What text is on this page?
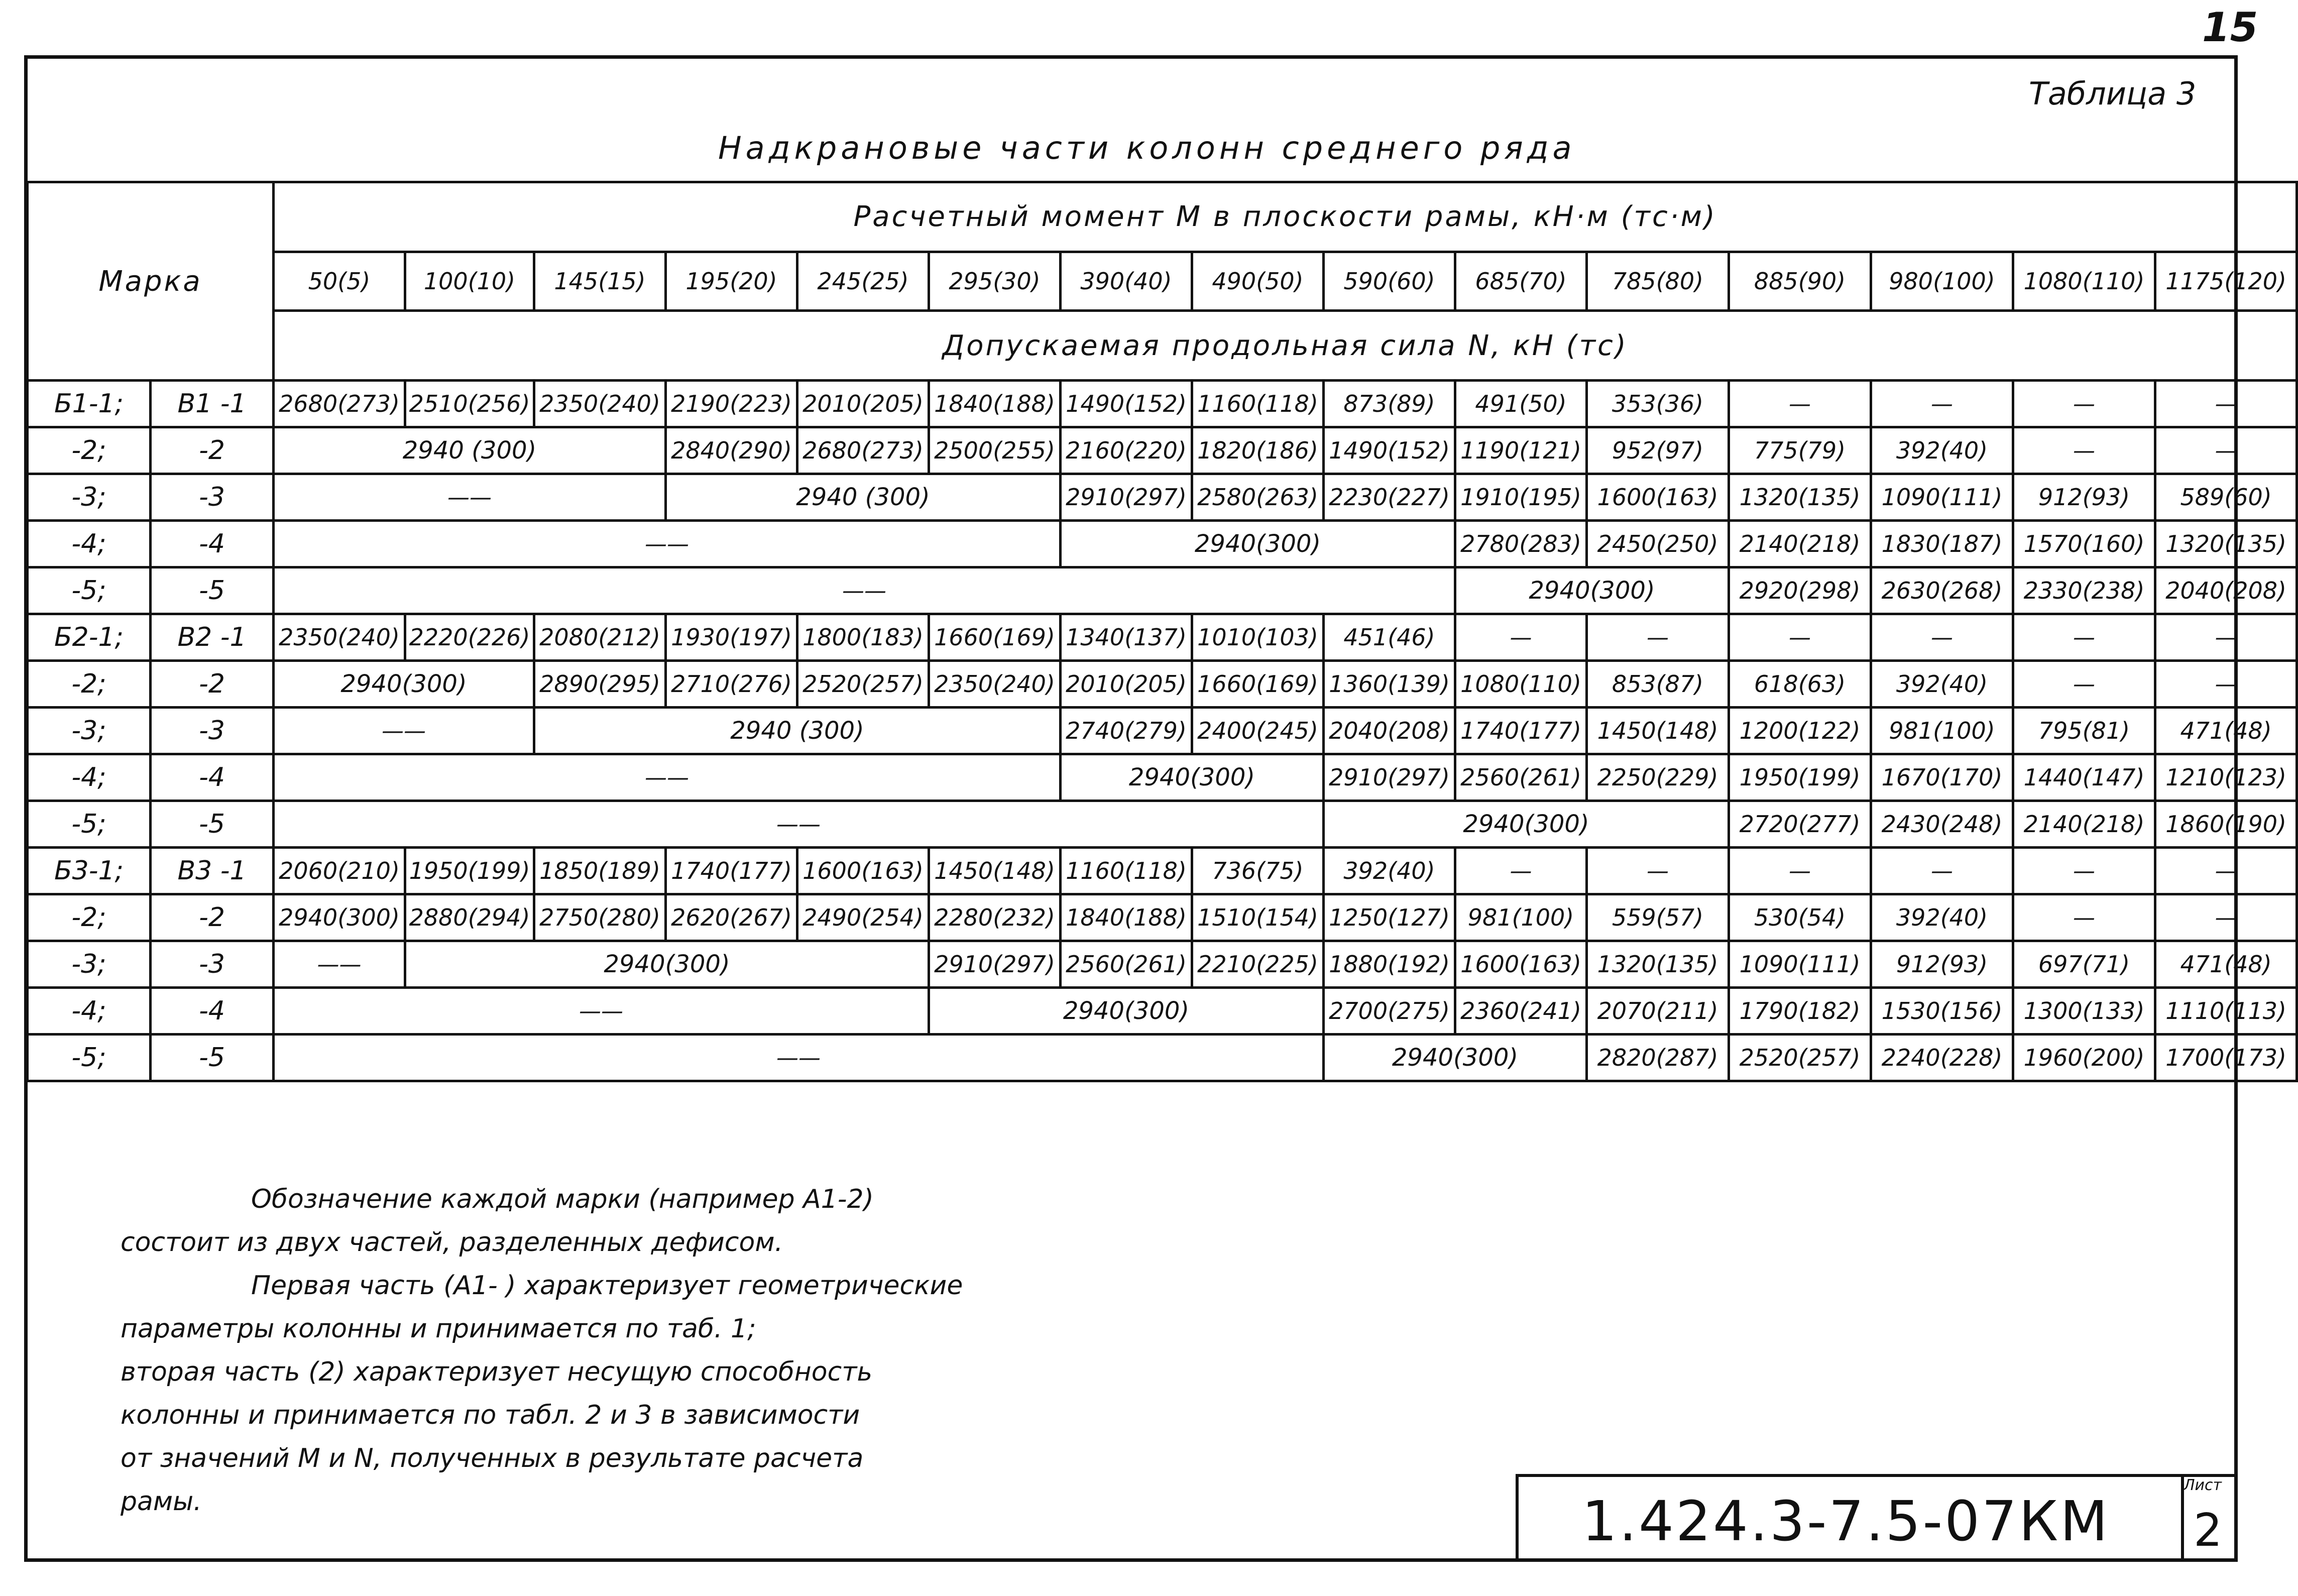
15
Таблица 3
Надкрановые части колонн среднего ряда
Марка		Расчетный момент М в плоскости рамы, кН·м (тс·м)														
		50(5)	100(10)	145(15)	195(20)	245(25)	295(30)	390(40)	490(50)	590(60)	685(70)	785(80)	885(90)	980(100)	1080(110)	1175(120)
		Допускаемая продольная сила N, кН (тс)														
Б1-1;	В1 -1	2680(273)	2510(256)	2350(240)	2190(223)	2010(205)	1840(188)	1490(152)	1160(118)	873(89)	491(50)	353(36)	—	—	—	—
-2;	-2	2940 (300)			2840(290)	2680(273)	2500(255)	2160(220)	1820(186)	1490(152)	1190(121)	952(97)	775(79)	392(40)	—	—
-3;	-3	——			2940 (300)			2910(297)	2580(263)	2230(227)	1910(195)	1600(163)	1320(135)	1090(111)	912(93)	589(60)
-4;	-4	——						2940(300)			2780(283)	2450(250)	2140(218)	1830(187)	1570(160)	1320(135)
-5;	-5	——									2940(300)		2920(298)	2630(268)	2330(238)	2040(208)
Б2-1;	В2 -1	2350(240)	2220(226)	2080(212)	1930(197)	1800(183)	1660(169)	1340(137)	1010(103)	451(46)	—	—	—	—	—	—
-2;	-2	2940(300)		2890(295)	2710(276)	2520(257)	2350(240)	2010(205)	1660(169)	1360(139)	1080(110)	853(87)	618(63)	392(40)	—	—
-3;	-3	——		2940 (300)				2740(279)	2400(245)	2040(208)	1740(177)	1450(148)	1200(122)	981(100)	795(81)	471(48)
-4;	-4	——						2940(300)		2910(297)	2560(261)	2250(229)	1950(199)	1670(170)	1440(147)	1210(123)
-5;	-5	——								2940(300)			2720(277)	2430(248)	2140(218)	1860(190)
Б3-1;	В3 -1	2060(210)	1950(199)	1850(189)	1740(177)	1600(163)	1450(148)	1160(118)	736(75)	392(40)	—	—	—	—	—	—
-2;	-2	2940(300)	2880(294)	2750(280)	2620(267)	2490(254)	2280(232)	1840(188)	1510(154)	1250(127)	981(100)	559(57)	530(54)	392(40)	—	—
-3;	-3	——	2940(300)				2910(297)	2560(261)	2210(225)	1880(192)	1600(163)	1320(135)	1090(111)	912(93)	697(71)	471(48)
-4;	-4	——					2940(300)			2700(275)	2360(241)	2070(211)	1790(182)	1530(156)	1300(133)	1110(113)
-5;	-5	——								2940(300)		2820(287)	2520(257)	2240(228)	1960(200)	1700(173)

Обозначение каждой марки (например А1-2)

состоит из двух частей, разделенных дефисом.

Первая часть (А1- ) характеризует геометрические

параметры колонны и принимается по таб. 1;

вторая часть (2) характеризует несущую способность

колонны и принимается по табл. 2 и 3 в зависимости

от значений М и N, полученных в результате расчета

рамы.	1.424.3-7.5-07КМ
Лист
2
